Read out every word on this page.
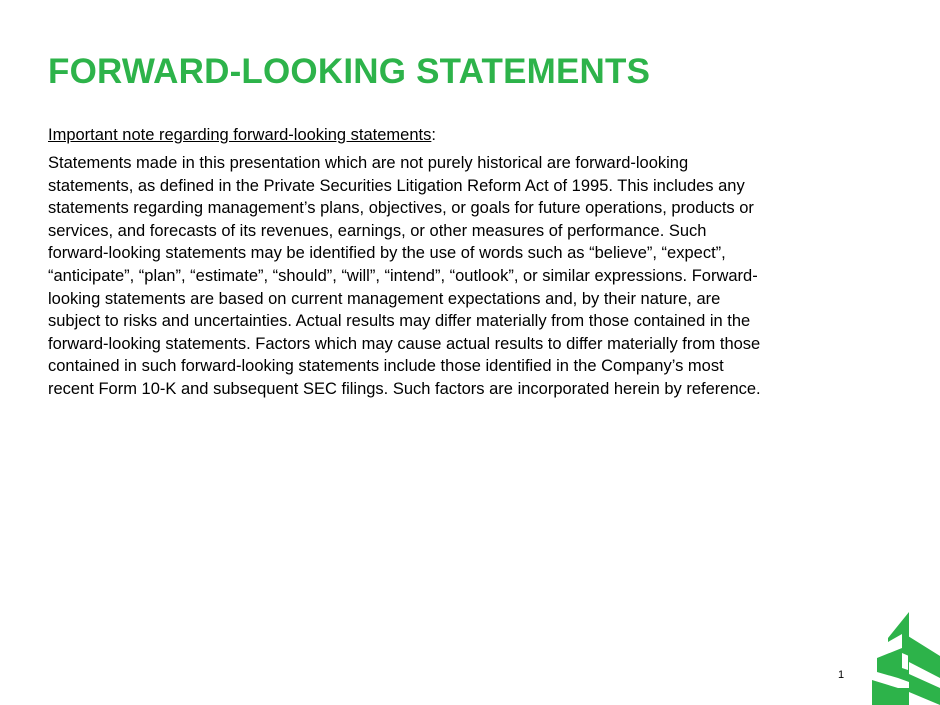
FORWARD-LOOKING STATEMENTS

Important note regarding forward-looking statements:

Statements made in this presentation which are not purely historical are forward-looking
statements, as defined in the Private Securities Litigation Reform Act of 1995. This includes any
statements regarding management’s plans, objectives, or goals for future operations, products or
services, and forecasts of its revenues, earnings, or other measures of performance. Such
forward-looking statements may be identified by the use of words such as “believe”, “expect”,
“anticipate”, “plan”, “estimate”, “should”, “will”, “intend”, “outlook”, or similar expressions. Forward-
looking statements are based on current management expectations and, by their nature, are
subject to risks and uncertainties. Actual results may differ materially from those contained in the
forward-looking statements. Factors which may cause actual results to differ materially from those
contained in such forward-looking statements include those identified in the Company’s most
recent Form 10-K and subsequent SEC filings. Such factors are incorporated herein by reference.

1
